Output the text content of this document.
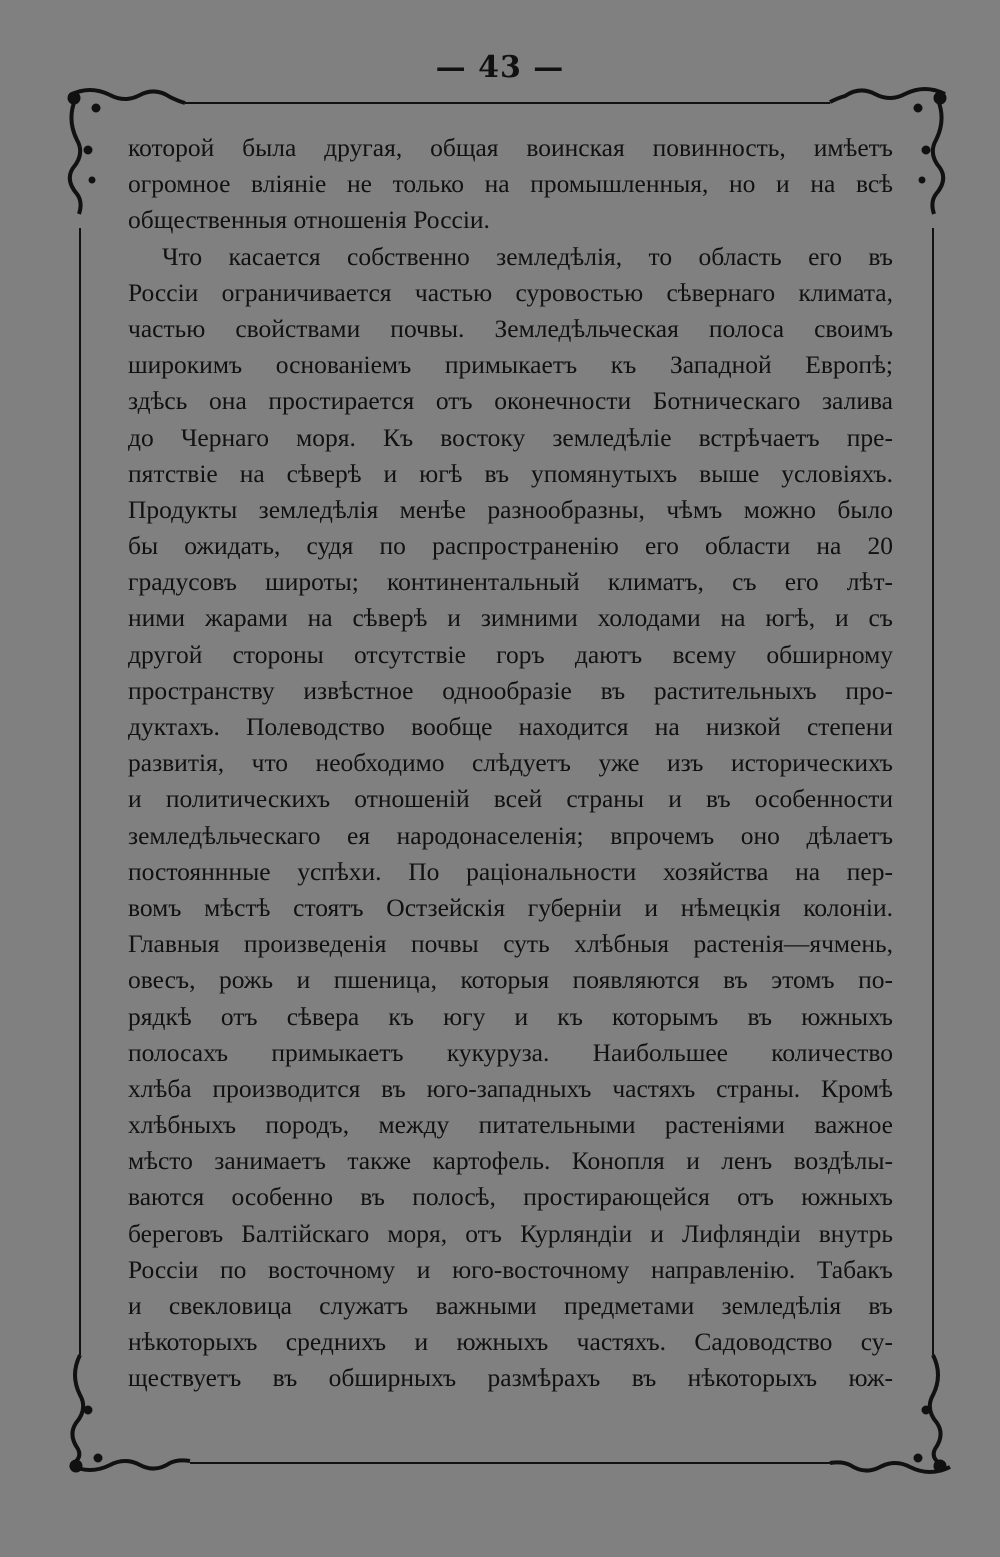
— 43 —
которой была другая, общая воинская повинность, имѣетъ
огромное вліяніе не только на промышленныя, но и на всѣ
общественныя отношенія Россіи.
Что касается собственно земледѣлія, то область его въ
Россіи ограничивается частью суровостью сѣвернаго климата,
частью свойствами почвы. Земледѣльческая полоса своимъ
широкимъ основаніемъ примыкаетъ къ Западной Европѣ;
здѣсь она простирается отъ оконечности Ботническаго залива
до Чернаго моря. Къ востоку земледѣліе встрѣчаетъ пре-
пятствіе на сѣверѣ и югѣ въ упомянутыхъ выше условіяхъ.
Продукты земледѣлія менѣе разнообразны, чѣмъ можно было
бы ожидать, судя по распространенію его области на 20
градусовъ широты; континентальный климатъ, съ его лѣт-
ними жарами на сѣверѣ и зимними холодами на югѣ, и съ
другой стороны отсутствіе горъ даютъ всему обширному
пространству извѣстное однообразіе въ растительныхъ про-
дуктахъ. Полеводство вообще находится на низкой степени
развитія, что необходимо слѣдуетъ уже изъ историческихъ
и политическихъ отношеній всей страны и въ особенности
земледѣльческаго ея народонаселенія; впрочемъ оно дѣлаетъ
постояннные успѣхи. По раціональности хозяйства на пер-
вомъ мѣстѣ стоятъ Остзейскія губерніи и нѣмецкія колоніи.
Главныя произведенія почвы суть хлѣбныя растенія—ячмень,
овесъ, рожь и пшеница, которыя появляются въ этомъ по-
рядкѣ отъ сѣвера къ югу и къ которымъ въ южныхъ
полосахъ примыкаетъ кукуруза. Наибольшее количество
хлѣба производится въ юго-западныхъ частяхъ страны. Кромѣ
хлѣбныхъ породъ, между питательными растеніями важное
мѣсто занимаетъ также картофель. Конопля и ленъ воздѣлы-
ваются особенно въ полосѣ, простирающейся отъ южныхъ
береговъ Балтійскаго моря, отъ Курляндіи и Лифляндіи внутрь
Россіи по восточному и юго-восточному направленію. Табакъ
и свекловица служатъ важными предметами земледѣлія въ
нѣкоторыхъ среднихъ и южныхъ частяхъ. Садоводство су-
ществуетъ въ обширныхъ размѣрахъ въ нѣкоторыхъ юж-
